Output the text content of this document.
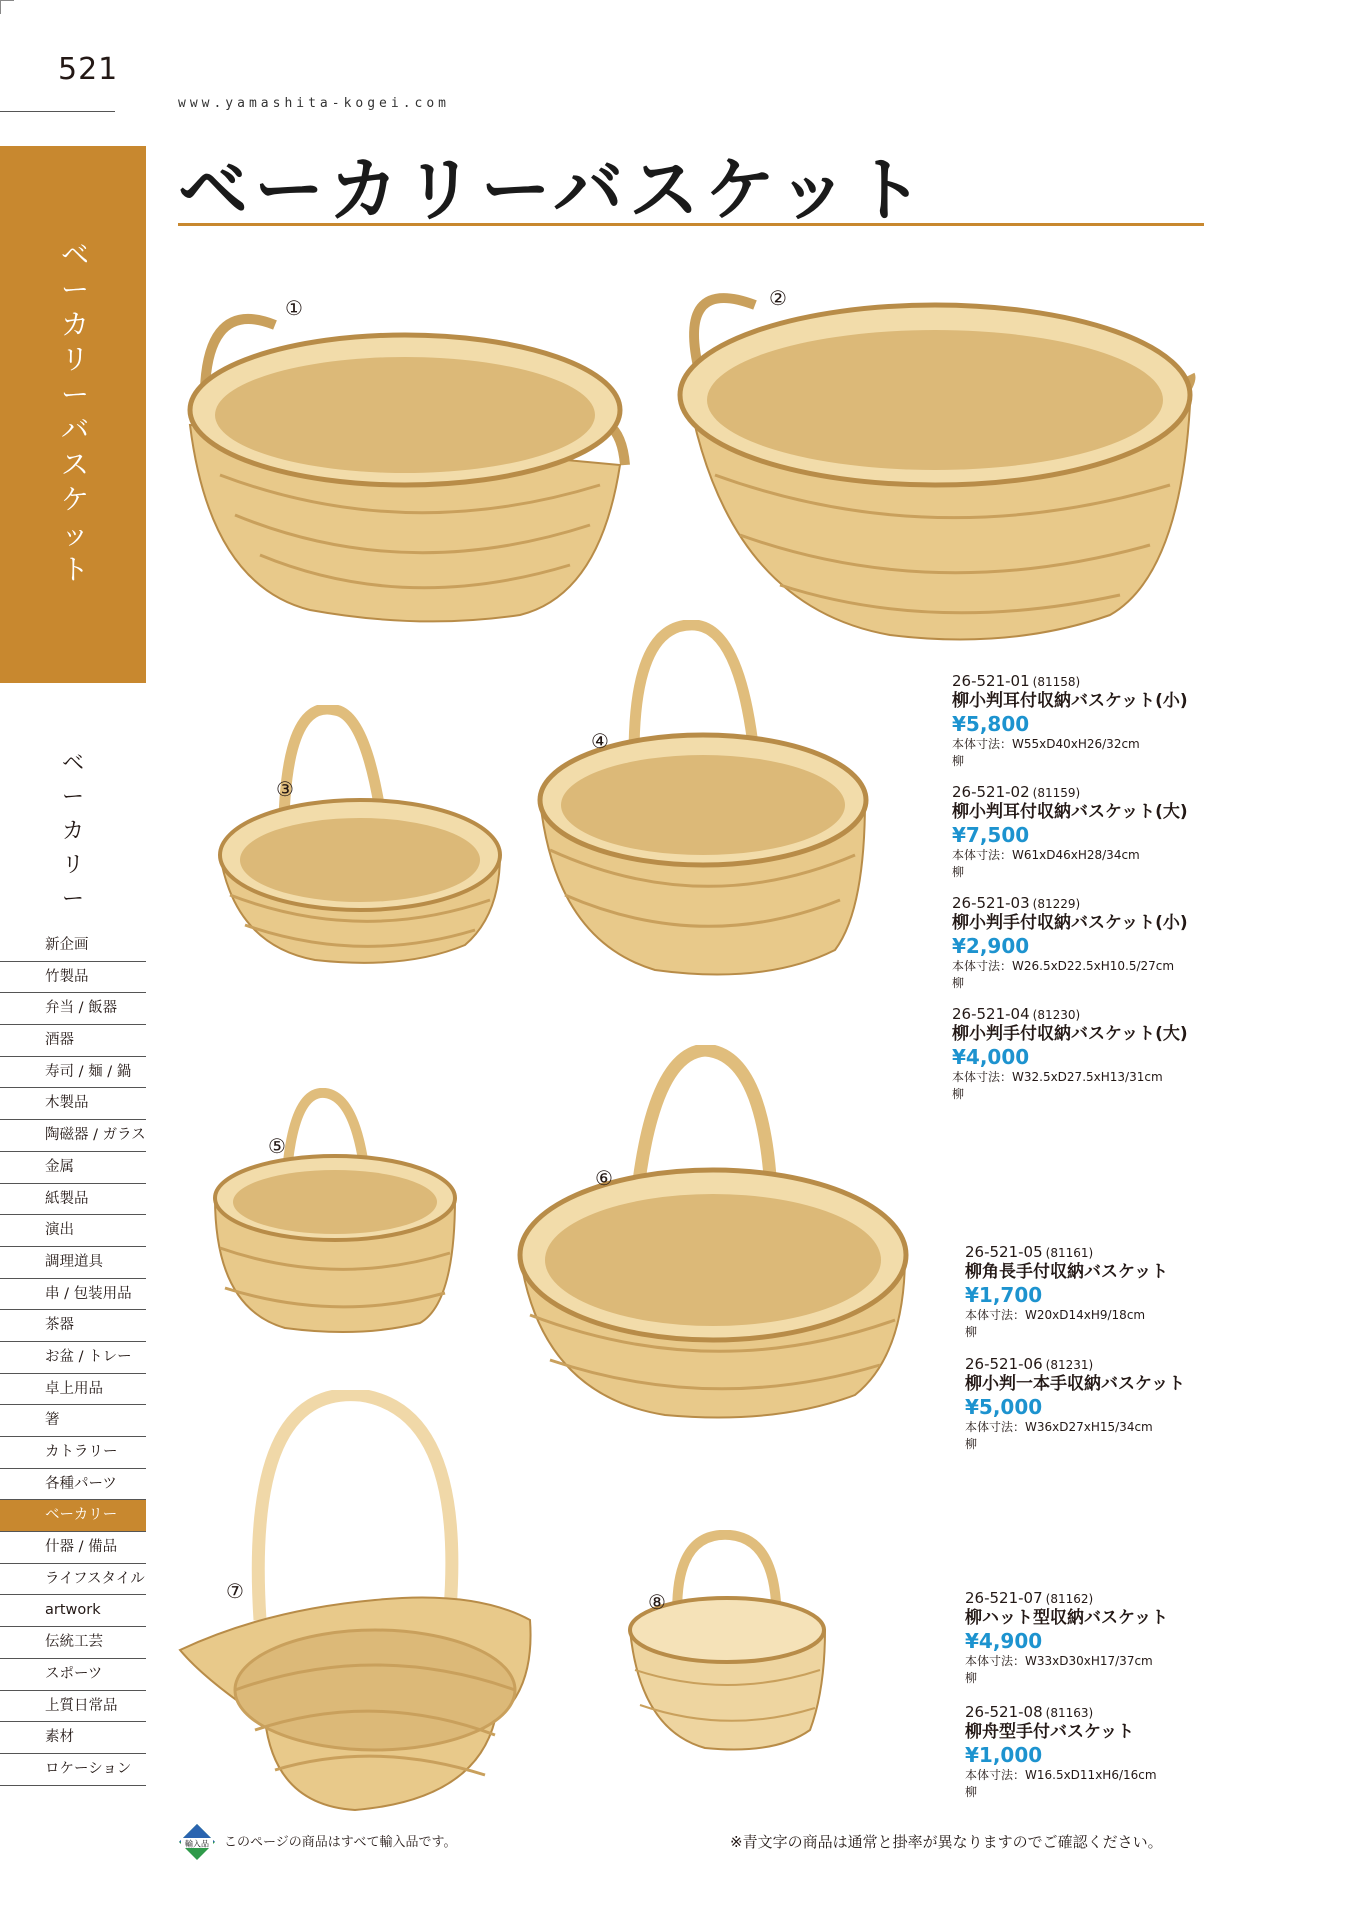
521
www.yamashita-kogei.com
ベーカリーバスケット
ベーカリー
新企画
竹製品
弁当 / 飯器
酒器
寿司 / 麺 / 鍋
木製品
陶磁器 / ガラス
金属
紙製品
演出
調理道具
串 / 包装用品
茶器
お盆 / トレー
卓上用品
箸
カトラリー
各種パーツ
ベーカリー
什器 / 備品
ライフスタイル
artwork
伝統工芸
スポーツ
上質日常品
素材
ロケーション
ベーカリーバスケット
①	②
③
④
⑤
⑥
⑦	⑧
26-521-01 (81158)
柳小判耳付収納バスケット(小)
¥5,800
本体寸法：W55xD40xH26/32cm
柳
26-521-02 (81159)
柳小判耳付収納バスケット(大)
¥7,500
本体寸法：W61xD46xH28/34cm
柳
26-521-03 (81229)
柳小判手付収納バスケット(小)
¥2,900
本体寸法：W26.5xD22.5xH10.5/27cm
柳
26-521-04 (81230)
柳小判手付収納バスケット(大)
¥4,000
本体寸法：W32.5xD27.5xH13/31cm
柳
26-521-05 (81161)
柳角長手付収納バスケット
¥1,700
本体寸法：W20xD14xH9/18cm
柳
26-521-06 (81231)
柳小判一本手収納バスケット
¥5,000
本体寸法：W36xD27xH15/34cm
柳
26-521-07 (81162)
柳ハット型収納バスケット
¥4,900
本体寸法：W33xD30xH17/37cm
柳
26-521-08 (81163)
柳舟型手付バスケット
¥1,000
本体寸法：W16.5xD11xH6/16cm
柳
輸入品 このページの商品はすべて輸入品です。	※青文字の商品は通常と掛率が異なりますのでご確認ください。
